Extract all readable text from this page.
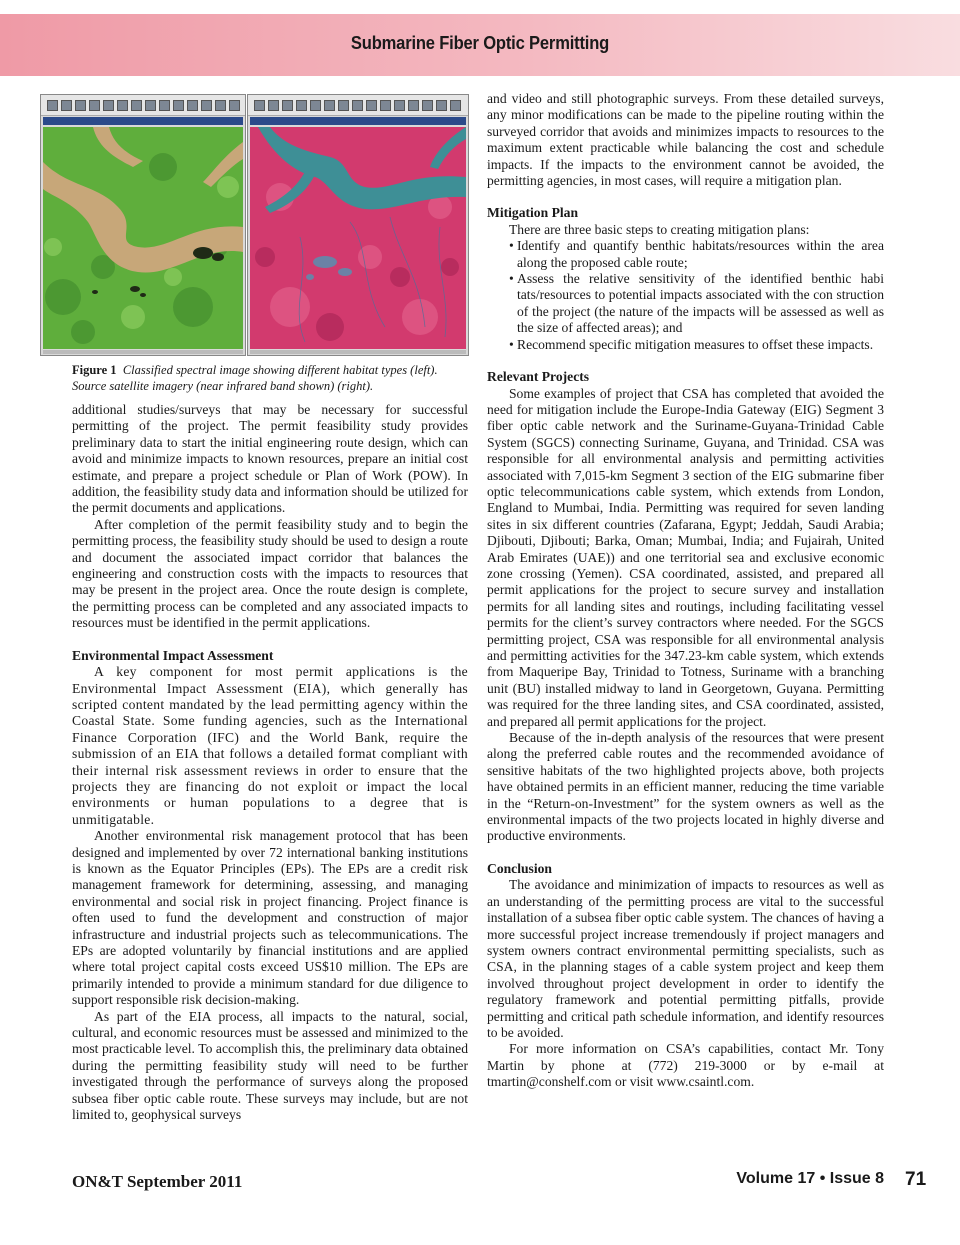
Submarine Fiber Optic Permitting
Figure 1 Classified spectral image showing different habitat types (left). Source satellite imagery (near infrared band shown) (right).

additional studies/surveys that may be necessary for successful permitting of the project. The permit feasibility study provides preliminary data to start the initial engineering route design, which can avoid and minimize impacts to known resources, prepare an initial cost estimate, and prepare a project schedule or Plan of Work (POW). In addition, the feasibility study data and information should be utilized for the permit documents and applications.

After completion of the permit feasibility study and to begin the permitting process, the feasibility study should be used to design a route and document the associated impact corridor that balances the engineering and construction costs with the impacts to resources that may be present in the project area. Once the route design is complete, the permitting process can be completed and any associated impacts to resources must be identified in the permit applications.

Environmental Impact Assessment

A key component for most permit applications is the Environmental Impact Assessment (EIA), which generally has scripted content mandated by the lead permitting agency within the Coastal State. Some funding agencies, such as the International Finance Corporation (IFC) and the World Bank, require the submission of an EIA that follows a detailed format compliant with their internal risk assessment reviews in order to ensure that the projects they are financing do not exploit or impact the local environments or human populations to a degree that is unmitigatable.

Another environmental risk management protocol that has been designed and implemented by over 72 international banking institutions is known as the Equator Principles (EPs). The EPs are a credit risk management framework for determining, assessing, and managing environmental and social risk in project financing. Project finance is often used to fund the development and construction of major infrastructure and industrial projects such as telecommunications. The EPs are adopted voluntarily by financial institutions and are applied where total project capital costs exceed US$10 million. The EPs are primarily intended to provide a minimum standard for due diligence to support responsible risk decision-making.

As part of the EIA process, all impacts to the natural, social, cultural, and economic resources must be assessed and minimized to the most practicable level. To accomplish this, the preliminary data obtained during the permitting feasibility study will need to be further investigated through the performance of surveys along the proposed subsea fiber optic cable route. These surveys may include, but are not limited to, geophysical surveys

and video and still photographic surveys. From these detailed surveys, any minor modifications can be made to the pipeline routing within the surveyed corridor that avoids and minimizes impacts to resources to the maximum extent practicable while balancing the cost and schedule impacts. If the impacts to the environment cannot be avoided, the permitting agencies, in most cases, will require a mitigation plan.

Mitigation Plan

There are three basic steps to creating mitigation plans:

• Identify and quantify benthic habitats/resources within the area along the proposed cable route;
• Assess the relative sensitivity of the identified benthic habi tats/resources to potential impacts associated with the con struction of the project (the nature of the impacts will be assessed as well as the size of affected areas); and
• Recommend specific mitigation measures to offset these impacts.

Relevant Projects

Some examples of project that CSA has completed that avoided the need for mitigation include the Europe-India Gateway (EIG) Segment 3 fiber optic cable network and the Suriname-Guyana-Trinidad Cable System (SGCS) connecting Suriname, Guyana, and Trinidad. CSA was responsible for all environmental analysis and permitting activities associated with 7,015-km Segment 3 section of the EIG submarine fiber optic telecommunications cable system, which extends from London, England to Mumbai, India. Permitting was required for seven landing sites in six different countries (Zafarana, Egypt; Jeddah, Saudi Arabia; Djibouti, Djibouti; Barka, Oman; Mumbai, India; and Fujairah, United Arab Emirates (UAE)) and one territorial sea and exclusive economic zone crossing (Yemen). CSA coordinated, assisted, and prepared all permit applications for the project to secure survey and installation permits for all landing sites and routings, including facilitating vessel permits for the client’s survey contractors where needed. For the SGCS permitting project, CSA was responsible for all environmental analysis and permitting activities for the 347.23-km cable system, which extends from Maqueripe Bay, Trinidad to Totness, Suriname with a branching unit (BU) installed midway to land in Georgetown, Guyana. Permitting was required for the three landing sites, and CSA coordinated, assisted, and prepared all permit applications for the project.

Because of the in-depth analysis of the resources that were present along the preferred cable routes and the recommended avoidance of sensitive habitats of the two highlighted projects above, both projects have obtained permits in an efficient manner, reducing the time variable in the “Return-on-Investment” for the system owners as well as the environmental impacts of the two projects located in highly diverse and productive environments.

Conclusion

The avoidance and minimization of impacts to resources as well as an understanding of the permitting process are vital to the successful installation of a subsea fiber optic cable system. The chances of having a more successful project increase tremendously if project managers and system owners contract environmental permitting specialists, such as CSA, in the planning stages of a cable system project and keep them involved throughout project development in order to identify the regulatory framework and potential permitting pitfalls, provide permitting and critical path schedule information, and identify resources to be avoided.

For more information on CSA’s capabilities, contact Mr. Tony Martin by phone at (772) 219-3000 or by e-mail at tmartin@conshelf.com or visit www.csaintl.com.

ON&T September 2011	Volume 17 • Issue 8 71
